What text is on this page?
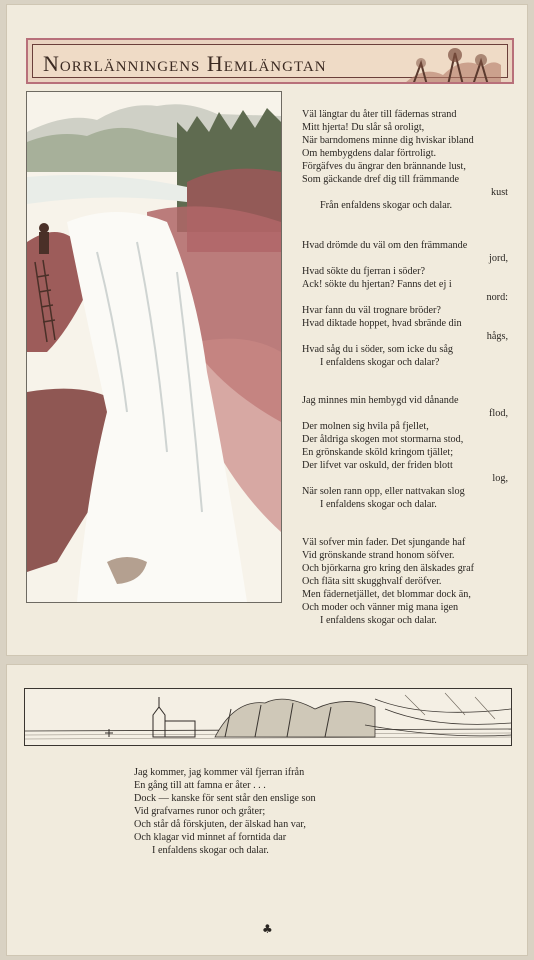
Norrlänningens Hemlängtan
Väl längtar du åter till fädernas strand
Mitt hjerta! Du slår så oroligt,
När barndomens minne dig hviskar ibland
Om hembygdens dalar förtroligt.
Förgäfves du ängrar den brännande lust,
Som gäckande dref dig till främmande
kust
Från enfaldens skogar och dalar.
Hvad drömde du väl om den främmande
jord,
Hvad sökte du fjerran i söder?
Ack! sökte du hjertan? Fanns det ej i
nord:
Hvar fann du väl trognare bröder?
Hvad diktade hoppet, hvad sbrände din
hågs,
Hvad såg du i söder, som icke du såg
I enfaldens skogar och dalar?
Jag minnes min hembygd vid dånande
flod,
Der molnen sig hvila på fjellet,
Der åldriga skogen mot stormarna stod,
En grönskande sköld kringom tjället;
Der lifvet var oskuld, der friden blott
log,
När solen rann opp, eller nattvakan slog
I enfaldens skogar och dalar.
Väl sofver min fader. Det sjungande haf
Vid grönskande strand honom söfver.
Och björkarna gro kring den älskades graf
Och fläta sitt skugghvalf deröfver.
Men fädernetjället, det blommar dock än,
Och moder och vänner mig mana igen
I enfaldens skogar och dalar.
Jag kommer, jag kommer väl fjerran ifrån
En gång till att famna er åter . . .
Dock — kanske för sent står den enslige son
Vid grafvarnes runor och gråter;
Och står då förskjuten, der älskad han var,
Och klagar vid minnet af forntida dar
I enfaldens skogar och dalar.
♣
